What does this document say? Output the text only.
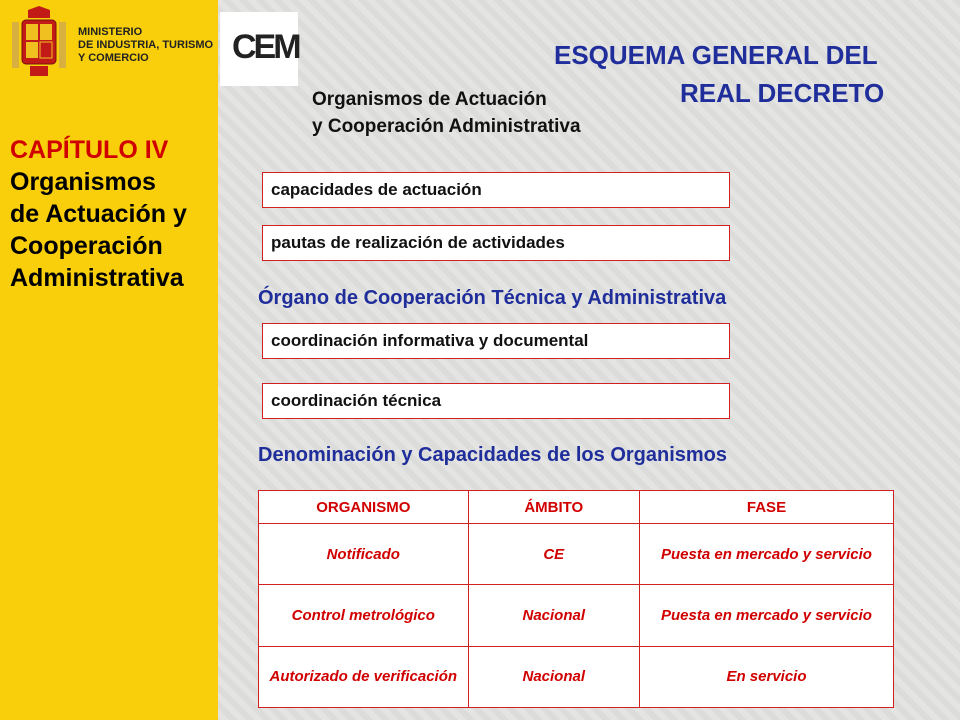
MINISTERIO
DE INDUSTRIA, TURISMO
Y COMERCIO	CEM	ESQUEMA GENERAL DEL
REAL DECRETO
Organismos de Actuación
y Cooperación Administrativa
CAPÍTULO IV
Organismos
de Actuación y
Cooperación
Administrativa
capacidades de actuación
pautas de realización de actividades
Órgano de Cooperación Técnica y Administrativa
coordinación informativa y documental
coordinación técnica
Denominación y Capacidades de los Organismos
ORGANISMO	ÁMBITO	FASE
Notificado	CE	Puesta en mercado y servicio
Control metrológico	Nacional	Puesta en mercado y servicio
Autorizado de verificación	Nacional	En servicio
